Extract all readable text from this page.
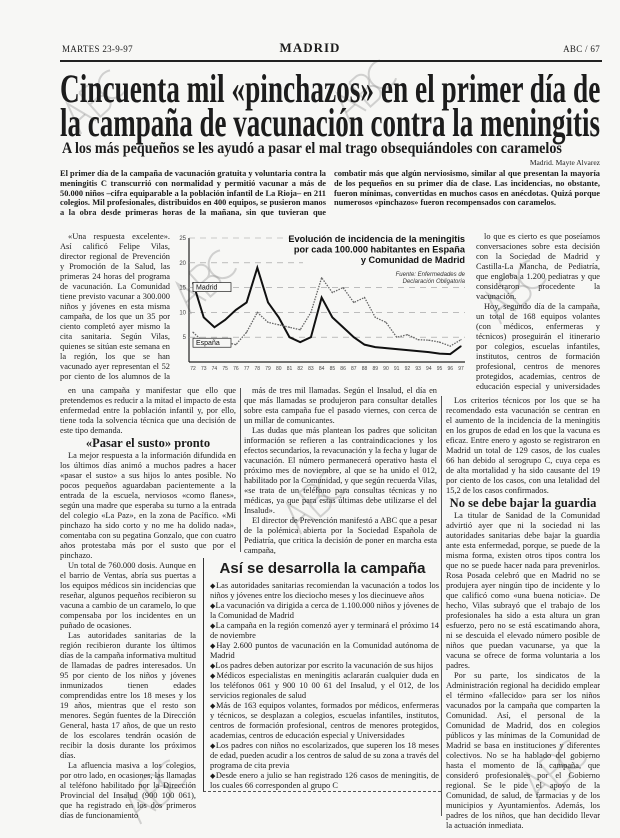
MARTES 23-9-97	MADRID	ABC / 67
Cincuenta mil «pinchazos» en el primer día de
la campaña de vacunación contra la meningitis
A los más pequeños se les ayudó a pasar el mal trago obsequiándoles con caramelos
Madrid. Mayte Alvarez

El primer día de la campaña de vacunación gratuita y voluntaria contra la meningitis C transcurrió con normalidad y permitió vacunar a más de 50.000 niños –cifra equiparable a la población infantil de La Rioja– en 211 colegios. Mil profesionales, distribuidos en 400 equipos, se pusieron manos a la obra desde primeras horas de la mañana, sin que tuvieran que combatir más que algún nerviosismo, similar al que presentan la mayoría de los pequeños en su primer día de clase. Las incidencias, no obstante, fueron mínimas, convertidas en muchos casos en anécdotas. Quizá porque numerosos «pinchazos» fueron recompensados con caramelos.

«Una respuesta excelente». Así calificó Felipe Vilas, director regional de Prevención y Promoción de la Salud, las primeras 24 horas del programa de vacunación. La Comunidad tiene previsto vacunar a 300.000 niños y jóvenes en esta misma campaña, de los que un 35 por ciento completó ayer mismo la cita sanitaria. Según Vilas, quienes se sitúan este semana en la región, los que se han vacunado ayer representan el 52 por ciento de los alumnos de la

25
20
15
10
5
72 73 74 75 76 77 78 79 80 81 82 83 84 85 86 87 88 89 90 91 92 93 94 95 96 97
Madrid
España
Evolución de incidencia de la meningitis por cada 100.000 habitantes en España y Comunidad de Madrid
Fuente: Enfermedades de Declaración Obligatoria

lo que es cierto es que poseíamos conversaciones sobre esta decisión con la Sociedad de Madrid y Castilla-La Mancha, de Pediatría, que engloba a 1.200 pediatras y que consideraron procedente la vacunación.

Hoy, segundo día de la campaña, un total de 168 equipos volantes (con médicos, enfermeras y técnicos) proseguirán el itinerario por colegios, escuelas infantiles, institutos, centros de formación profesional, centros de menores protegidos, academias, centros de educación especial y universidades

en una campaña y manifestar que ello que pretendemos es reducir a la mitad el impacto de esta enfermedad entre la población infantil y, por ello, tiene toda la solvencia técnica que una decisión de este tipo demanda.

«Pasar el susto» pronto

La mejor respuesta a la información difundida en los últimos días animó a muchos padres a hacer «pasar el susto» a sus hijos lo antes posible. No pocos pequeños aguardaban pacientemente a la entrada de la escuela, nerviosos «como flanes», según una madre que esperaba su turno a la entrada del colegio «La Paz», en la zona de Pacífico. «Mi pinchazo ha sido corto y no me ha dolido nada», comentaba con su pegatina Gonzalo, que con cuatro años protestaba más por el susto que por el pinchazo.

Un total de 760.000 dosis. Aunque en el barrio de Ventas, abría sus puertas a los equipos médicos sin incidencias que reseñar, algunos pequeños recibieron su vacuna a cambio de un caramelo, lo que compensaba por los incidentes en un puñado de ocasiones.

Las autoridades sanitarias de la región recibieron durante los últimos días de la campaña informativa multitud de llamadas de padres interesados. Un 95 por ciento de los niños y jóvenes inmunizados tienen edades comprendidas entre los 18 meses y los 19 años, mientras que el resto son menores. Según fuentes de la Dirección General, hasta 17 años, de que un resto de los escolares tendrán ocasión de recibir la dosis durante los próximos días.

La afluencia masiva a los colegios, por otro lado, en ocasiones, las llamadas al teléfono habilitado por la Dirección Provincial del Insalud (900 100 061), que ha registrado en los dos primeros días de funcionamiento

más de tres mil llamadas. Según el Insalud, el día en que más llamadas se produjeron para consultar detalles sobre esta campaña fue el pasado viernes, con cerca de un millar de comunicantes.

Las dudas que más plantean los padres que solicitan información se refieren a las contraindicaciones y los efectos secundarios, la revacunación y la fecha y lugar de vacunación. El número permanecerá operativo hasta el próximo mes de noviembre, al que se ha unido el 012, habilitado por la Comunidad, y que según recuerda Vilas, «se trata de un teléfono para consultas técnicas y no médicas, ya que para estas últimas debe utilizarse el del Insalud».

El director de Prevención manifestó a ABC que a pesar de la polémica abierta por la Sociedad Española de Pediatría, que critica la decisión de poner en marcha esta campaña,

Los criterios técnicos por los que se ha recomendado esta vacunación se centran en el aumento de la incidencia de la meningitis en los grupos de edad en los que la vacuna es eficaz. Entre enero y agosto se registraron en Madrid un total de 129 casos, de los cuales 66 han debido al serogrupo C, cuya cepa es de alta mortalidad y ha sido causante del 19 por ciento de los casos, con una letalidad del 15,2 de los casos confirmados.

No se debe bajar la guardia

La titular de Sanidad de la Comunidad advirtió ayer que ni la sociedad ni las autoridades sanitarias debe bajar la guardia ante esta enfermedad, porque, se puede de la misma forma, existen otros tipos contra los que no se puede hacer nada para prevenirlos. Rosa Posada celebró que en Madrid no se produjera ayer ningún tipo de incidente y lo que calificó como «una buena noticia». De hecho, Vilas subrayó que el trabajo de los profesionales ha sido a esta altura un gran esfuerzo, pero no se está escatimando ahora, ni se descuida el elevado número posible de niños que puedan vacunarse, ya que la vacuna se ofrece de forma voluntaria a los padres.

Por su parte, los sindicatos de la Administración regional ha decidido emplear el término «fallecido» para ser los niños vacunados por la campaña que comparten la Comunidad. Así, el personal de la Comunidad de Madrid, dos en colegios públicos y las mínimas de la Comunidad de Madrid se basa en instituciones y diferentes colectivos. No se ha hablado del gobierno hasta el momento de la campaña, que consideró profesionales por el Gobierno regional. Se le pide el apoyo de la Comunidad, de salud, de farmacias y de los municipios y Ayuntamientos. Además, los padres de los niños, que han decidido llevar la actuación inmediata.

Así se desarrolla la campaña
◆ Las autoridades sanitarias recomiendan la vacunación a todos los niños y jóvenes entre los dieciocho meses y los diecinueve años
◆ La vacunación va dirigida a cerca de 1.100.000 niños y jóvenes de la Comunidad de Madrid
◆ La campaña en la región comenzó ayer y terminará el próximo 14 de noviembre
◆ Hay 2.600 puntos de vacunación en la Comunidad autónoma de Madrid
◆ Los padres deben autorizar por escrito la vacunación de sus hijos
◆ Médicos especialistas en meningitis aclararán cualquier duda en los teléfonos 061 y 900 10 00 61 del Insalud, y el 012, de los servicios regionales de salud
◆ Más de 163 equipos volantes, formados por médicos, enfermeras y técnicos, se desplazan a colegios, escuelas infantiles, institutos, centros de formación profesional, centros de menores protegidos, academias, centros de educación especial y Universidades
◆ Los padres con niños no escolarizados, que superen los 18 meses de edad, pueden acudir a los centros de salud de su zona a través del programa de cita previa
◆ Desde enero a julio se han registrado 126 casos de meningitis, de los cuales 66 corresponden al grupo C
